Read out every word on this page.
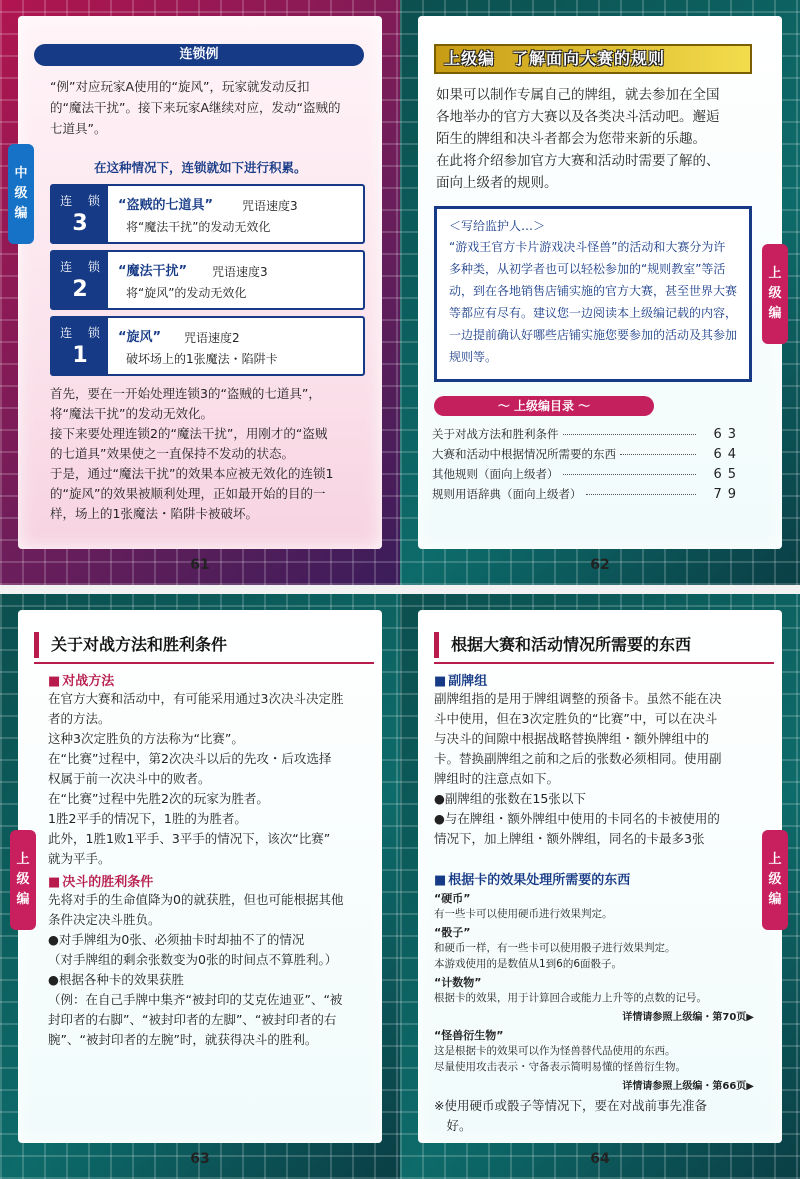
中
级
编
连锁例
“例”对应玩家A使用的“旋风”，玩家就发动反扣
的“魔法干扰”。接下来玩家A继续对应，发动“盗贼的
七道具”。
在这种情况下，连锁就如下进行积累。
连 锁
3
“盗贼的七道具” 咒语速度3
将“魔法干扰”的发动无效化
连 锁
2
“魔法干扰” 咒语速度3
将“旋风”的发动无效化
连 锁
1
“旋风” 咒语速度2
破坏场上的1张魔法・陷阱卡
首先，要在一开始处理连锁3的“盗贼的七道具”，
将“魔法干扰”的发动无效化。
接下来要处理连锁2的“魔法干扰”，用刚才的“盗贼
的七道具”效果使之一直保持不发动的状态。
于是，通过“魔法干扰”的效果本应被无效化的连锁1
的“旋风”的效果被顺利处理，正如最开始的目的一
样，场上的1张魔法・陷阱卡被破坏。
61
上
级
编
上级编　了解面向大赛的规则
如果可以制作专属自己的牌组，就去参加在全国
各地举办的官方大赛以及各类决斗活动吧。邂逅
陌生的牌组和决斗者都会为您带来新的乐趣。
在此将介绍参加官方大赛和活动时需要了解的、
面向上级者的规则。
＜写给监护人…＞
“游戏王官方卡片游戏决斗怪兽”的活动和大赛分为许
多种类，从初学者也可以轻松参加的“规则教室”等活
动，到在各地销售店铺实施的官方大赛，甚至世界大赛
等都应有尽有。建议您一边阅读本上级编记载的内容，
一边提前确认好哪些店铺实施您要参加的活动及其参加
规则等。
～ 上级编目录 ～
关于对战方法和胜利条件	63
大赛和活动中根据情况所需要的东西	64
其他规则（面向上级者）	65
规则用语辞典（面向上级者）	79
62
上
级
编
关于对战方法和胜利条件
■ 对战方法
在官方大赛和活动中，有可能采用通过3次决斗决定胜
者的方法。
这种3次定胜负的方法称为“比赛”。
在“比赛”过程中，第2次决斗以后的先攻・后攻选择
权属于前一次决斗中的败者。
在“比赛”过程中先胜2次的玩家为胜者。
1胜2平手的情况下，1胜的为胜者。
此外，1胜1败1平手、3平手的情况下，该次“比赛”
就为平手。
■ 决斗的胜利条件
先将对手的生命值降为0的就获胜，但也可能根据其他
条件决定决斗胜负。
●对手牌组为0张、必须抽卡时却抽不了的情况
（对手牌组的剩余张数变为0张的时间点不算胜利。）
●根据各种卡的效果获胜
（例：在自己手牌中集齐“被封印的艾克佐迪亚”、“被
封印者的右脚”、“被封印者的左脚”、“被封印者的右
腕”、“被封印者的左腕”时，就获得决斗的胜利。
63
上
级
编
根据大赛和活动情况所需要的东西
■ 副牌组
副牌组指的是用于牌组调整的预备卡。虽然不能在决
斗中使用，但在3次定胜负的“比赛”中，可以在决斗
与决斗的间隙中根据战略替换牌组・额外牌组中的
卡。替换副牌组之前和之后的张数必须相同。使用副
牌组时的注意点如下。
●副牌组的张数在15张以下
●与在牌组・额外牌组中使用的卡同名的卡被使用的
情况下，加上牌组・额外牌组，同名的卡最多3张
■ 根据卡的效果处理所需要的东西
“硬币”
有一些卡可以使用硬币进行效果判定。
“骰子”
和硬币一样，有一些卡可以使用骰子进行效果判定。
本游戏使用的是数值从1到6的6面骰子。
“计数物”
根据卡的效果，用于计算回合或能力上升等的点数的记号。
详情请参照上级编・第70页▶
“怪兽衍生物”
这是根据卡的效果可以作为怪兽替代品使用的东西。
尽量使用攻击表示・守备表示简明易懂的怪兽衍生物。
详情请参照上级编・第66页▶
※使用硬币或骰子等情况下，要在对战前事先准备
　好。
64
